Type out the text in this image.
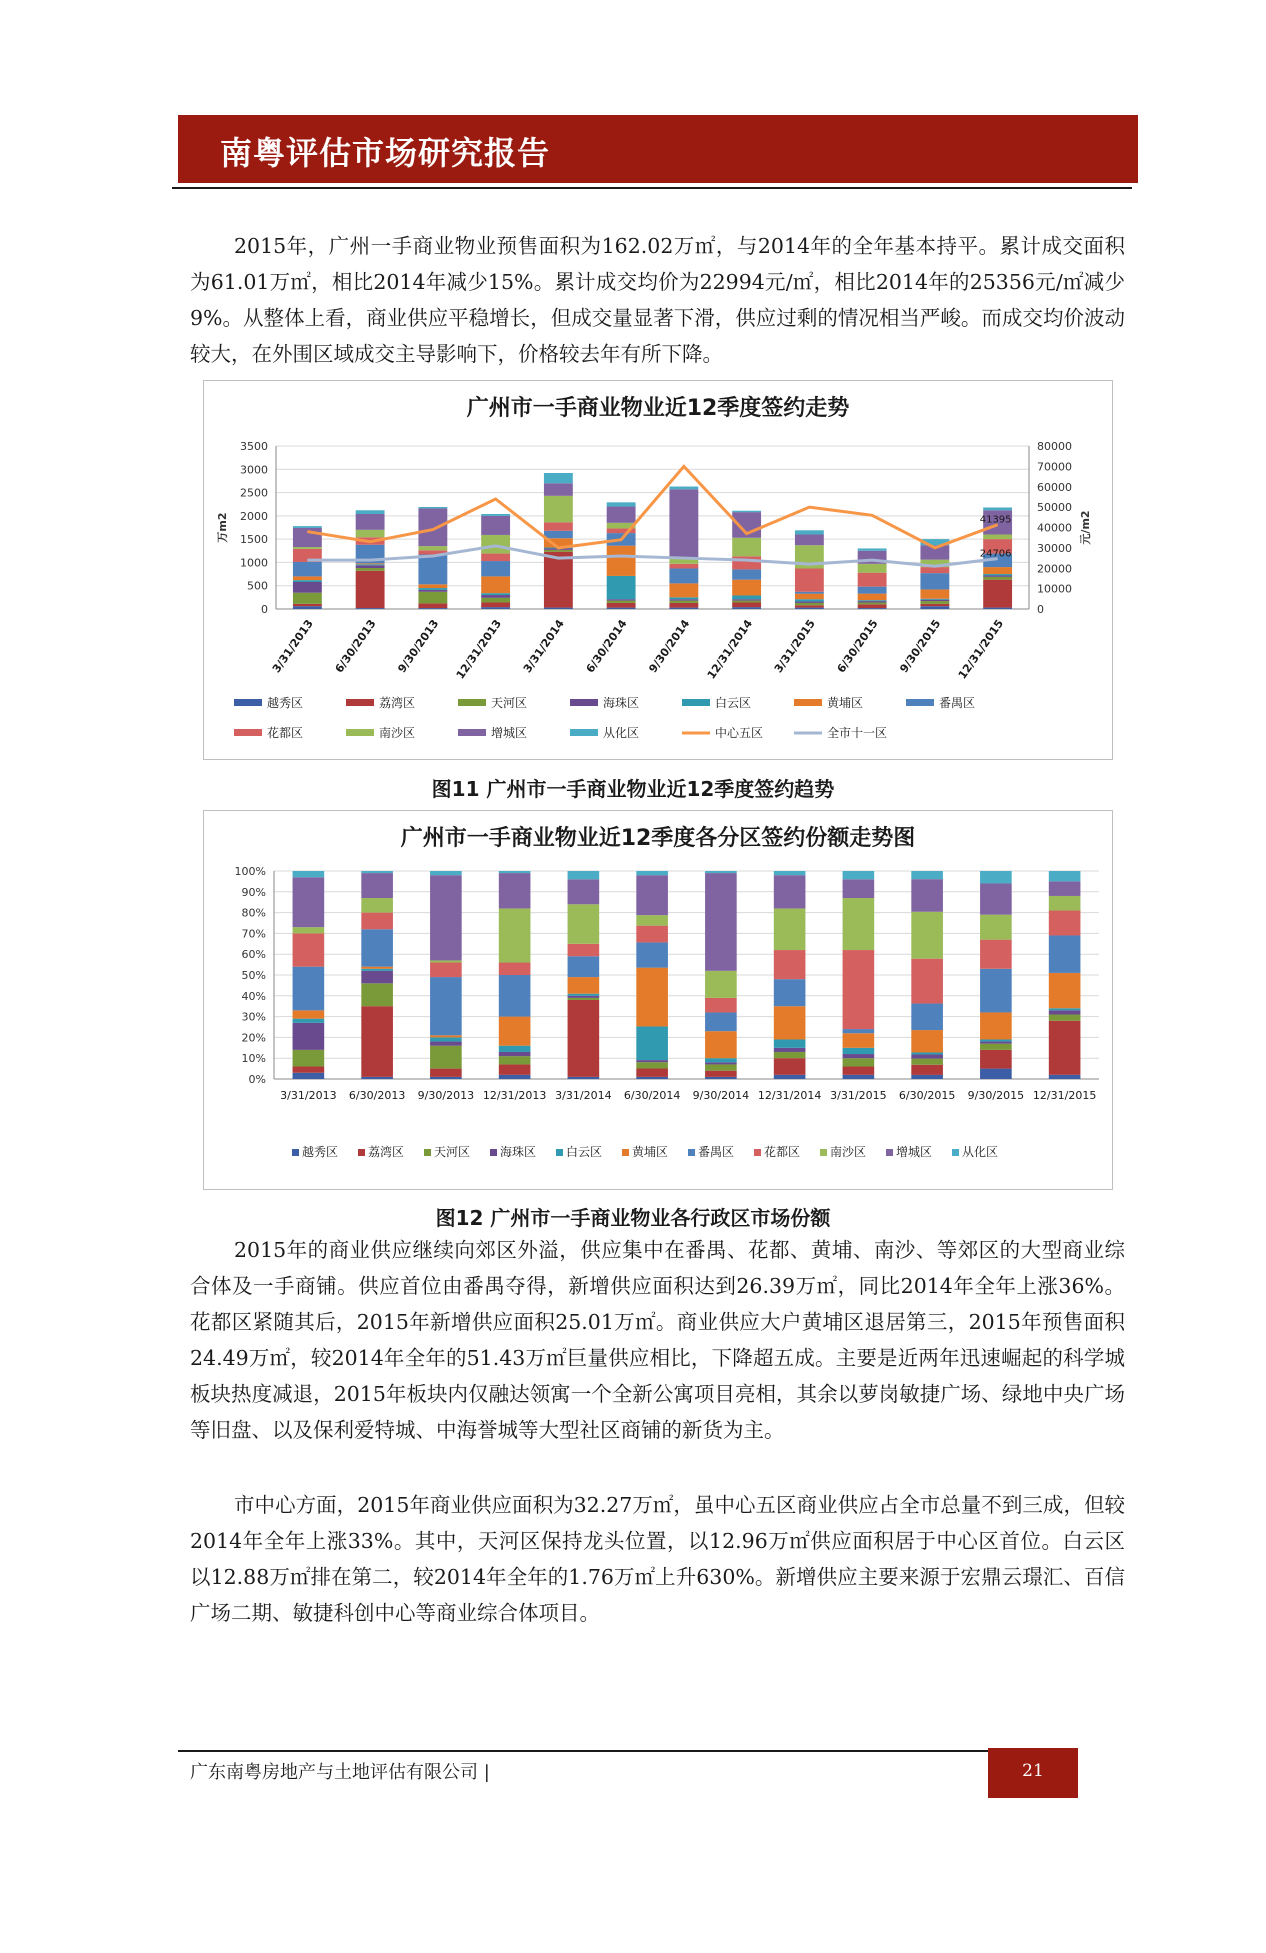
南粤评估市场研究报告

2015年，广州一手商业物业预售面积为162.02万㎡，与2014年的全年基本持平。累计成交面积为61.01万㎡，相比2014年减少15%。累计成交均价为22994元/㎡，相比2014年的25356元/㎡减少9%。从整体上看，商业供应平稳增长，但成交量显著下滑，供应过剩的情况相当严峻。而成交均价波动较大，在外围区域成交主导影响下，价格较去年有所下降。

广州市一手商业物业近12季度签约走势
0
500
1000
1500
2000
2500
3000
3500
0
10000
20000
30000
40000
50000
60000
70000
80000
万m2	元/m2
3/31/2013 6/30/2013 9/30/2013 12/31/2013 3/31/2014 6/30/2014 9/30/2014 12/31/2014 3/31/2015 6/30/2015 9/30/2015 12/31/2015
41395
24706
越秀区	荔湾区	天河区	海珠区	白云区	黄埔区	番禺区
花都区	南沙区	增城区	从化区	中心五区	全市十一区
图11 广州市一手商业物业近12季度签约趋势
广州市一手商业物业近12季度各分区签约份额走势图
0%
10%
20%
30%
40%
50%
60%
70%
80%
90%
100%
3/31/2013 6/30/2013 9/30/2013 12/31/2013 3/31/2014 6/30/2014 9/30/2014 12/31/2014 3/31/2015 6/30/2015 9/30/2015 12/31/2015
越秀区 荔湾区 天河区 海珠区 白云区 黄埔区 番禺区 花都区 南沙区 增城区 从化区
图12 广州市一手商业物业各行政区市场份额

2015年的商业供应继续向郊区外溢，供应集中在番禺、花都、黄埔、南沙、等郊区的大型商业综合体及一手商铺。供应首位由番禺夺得，新增供应面积达到26.39万㎡，同比2014年全年上涨36%。花都区紧随其后，2015年新增供应面积25.01万㎡。商业供应大户黄埔区退居第三，2015年预售面积24.49万㎡，较2014年全年的51.43万㎡巨量供应相比，下降超五成。主要是近两年迅速崛起的科学城板块热度减退，2015年板块内仅融达领寓一个全新公寓项目亮相，其余以萝岗敏捷广场、绿地中央广场等旧盘、以及保利爱特城、中海誉城等大型社区商铺的新货为主。

市中心方面，2015年商业供应面积为32.27万㎡，虽中心五区商业供应占全市总量不到三成，但较2014年全年上涨33%。其中，天河区保持龙头位置，以12.96万㎡供应面积居于中心区首位。白云区以12.88万㎡排在第二，较2014年全年的1.76万㎡上升630%。新增供应主要来源于宏鼎云璟汇、百信广场二期、敏捷科创中心等商业综合体项目。

广东南粤房地产与土地评估有限公司 |	21
